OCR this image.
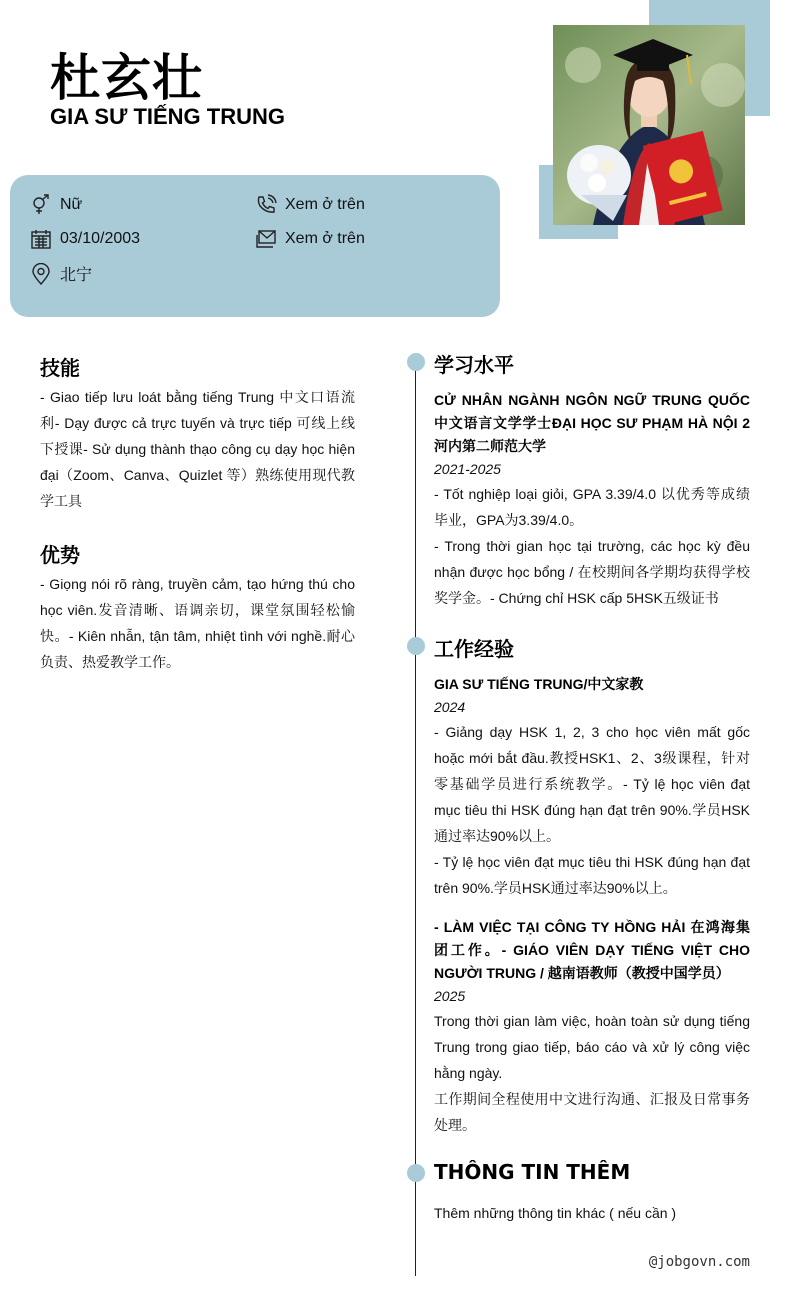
杜玄壮
GIA SƯ TIẾNG TRUNG
Nữ	Xem ở trên
03/10/2003	Xem ở trên
北宁
技能
- Giao tiếp lưu loát bằng tiếng Trung 中文口语流利- Dạy được cả trực tuyến và trực tiếp 可线上线下授课- Sử dụng thành thạo công cụ dạy học hiện đại（Zoom、Canva、Quizlet 等）熟练使用现代教学工具
优势
- Giọng nói rõ ràng, truyền cảm, tạo hứng thú cho học viên.发音清晰、语调亲切，课堂氛围轻松愉快。- Kiên nhẫn, tận tâm, nhiệt tình với nghề.耐心负责、热爱教学工作。
学习水平
CỬ NHÂN NGÀNH NGÔN NGỮ TRUNG QUỐC 中文语言文学学士ĐẠI HỌC SƯ PHẠM HÀ NỘI 2 河内第二师范大学
2021-2025
- Tốt nghiệp loại giỏi, GPA 3.39/4.0 以优秀等成绩毕业，GPA为3.39/4.0。
- Trong thời gian học tại trường, các học kỳ đều nhận được học bổng / 在校期间各学期均获得学校奖学金。- Chứng chỉ HSK cấp 5HSK五级证书
工作经验
GIA SƯ TIẾNG TRUNG/中文家教
2024
- Giảng dạy HSK 1, 2, 3 cho học viên mất gốc hoặc mới bắt đầu.教授HSK1、2、3级课程，针对零基础学员进行系统教学。- Tỷ lệ học viên đạt mục tiêu thi HSK đúng hạn đạt trên 90%.学员HSK通过率达90%以上。
- Tỷ lệ học viên đạt mục tiêu thi HSK đúng hạn đạt trên 90%.学员HSK通过率达90%以上。
- LÀM VIỆC TẠI CÔNG TY HỒNG HẢI 在鸿海集团工作。- GIÁO VIÊN DẠY TIẾNG VIỆT CHO NGƯỜI TRUNG / 越南语教师（教授中国学员）
2025
Trong thời gian làm việc, hoàn toàn sử dụng tiếng Trung trong giao tiếp, báo cáo và xử lý công việc hằng ngày.
工作期间全程使用中文进行沟通、汇报及日常事务处理。
THÔNG TIN THÊM
Thêm những thông tin khác ( nếu cần )
@jobgovn.com
